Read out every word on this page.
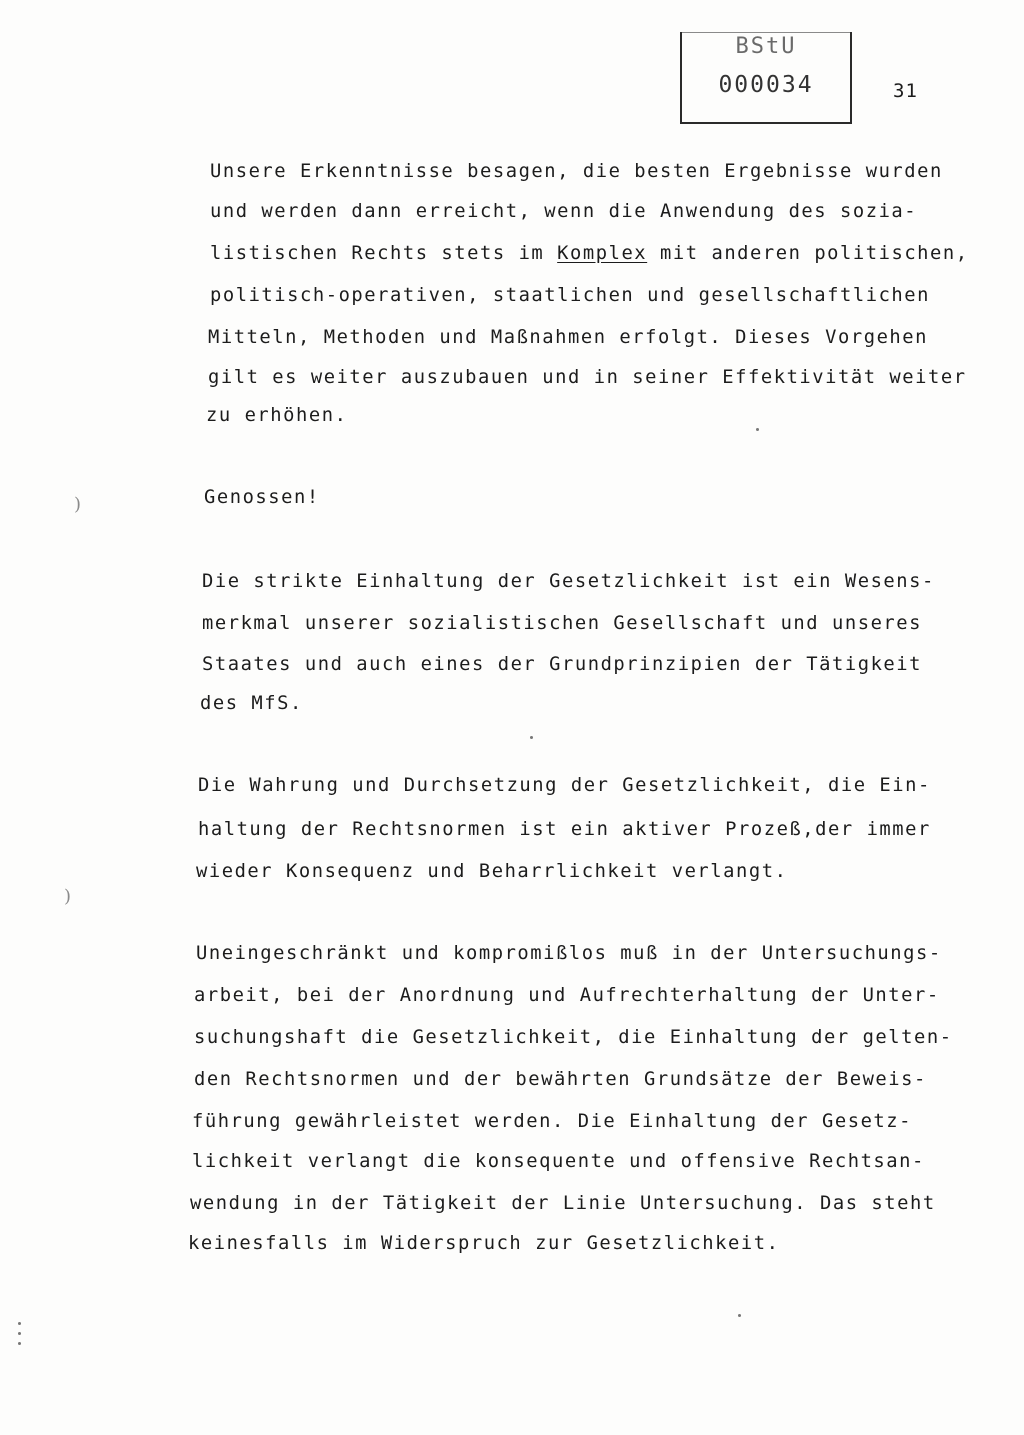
BStU
000034	31
Unsere Erkenntnisse besagen, die besten Ergebnisse wurden
und werden dann erreicht, wenn die Anwendung des sozia-
listischen Rechts stets im Komplex mit anderen politischen,
politisch-operativen, staatlichen und gesellschaftlichen
Mitteln, Methoden und Maßnahmen erfolgt. Dieses Vorgehen
gilt es weiter auszubauen und in seiner Effektivität weiter
zu erhöhen.
Genossen!
Die strikte Einhaltung der Gesetzlichkeit ist ein Wesens-
merkmal unserer sozialistischen Gesellschaft und unseres
Staates und auch eines der Grundprinzipien der Tätigkeit
des MfS.
Die Wahrung und Durchsetzung der Gesetzlichkeit, die Ein-
haltung der Rechtsnormen ist ein aktiver Prozeß,der immer
wieder Konsequenz und Beharrlichkeit verlangt.
Uneingeschränkt und kompromißlos muß in der Untersuchungs-
arbeit, bei der Anordnung und Aufrechterhaltung der Unter-
suchungshaft die Gesetzlichkeit, die Einhaltung der gelten-
den Rechtsnormen und der bewährten Grundsätze der Beweis-
führung gewährleistet werden. Die Einhaltung der Gesetz-
lichkeit verlangt die konsequente und offensive Rechtsan-
wendung in der Tätigkeit der Linie Untersuchung. Das steht
keinesfalls im Widerspruch zur Gesetzlichkeit.
)
)
